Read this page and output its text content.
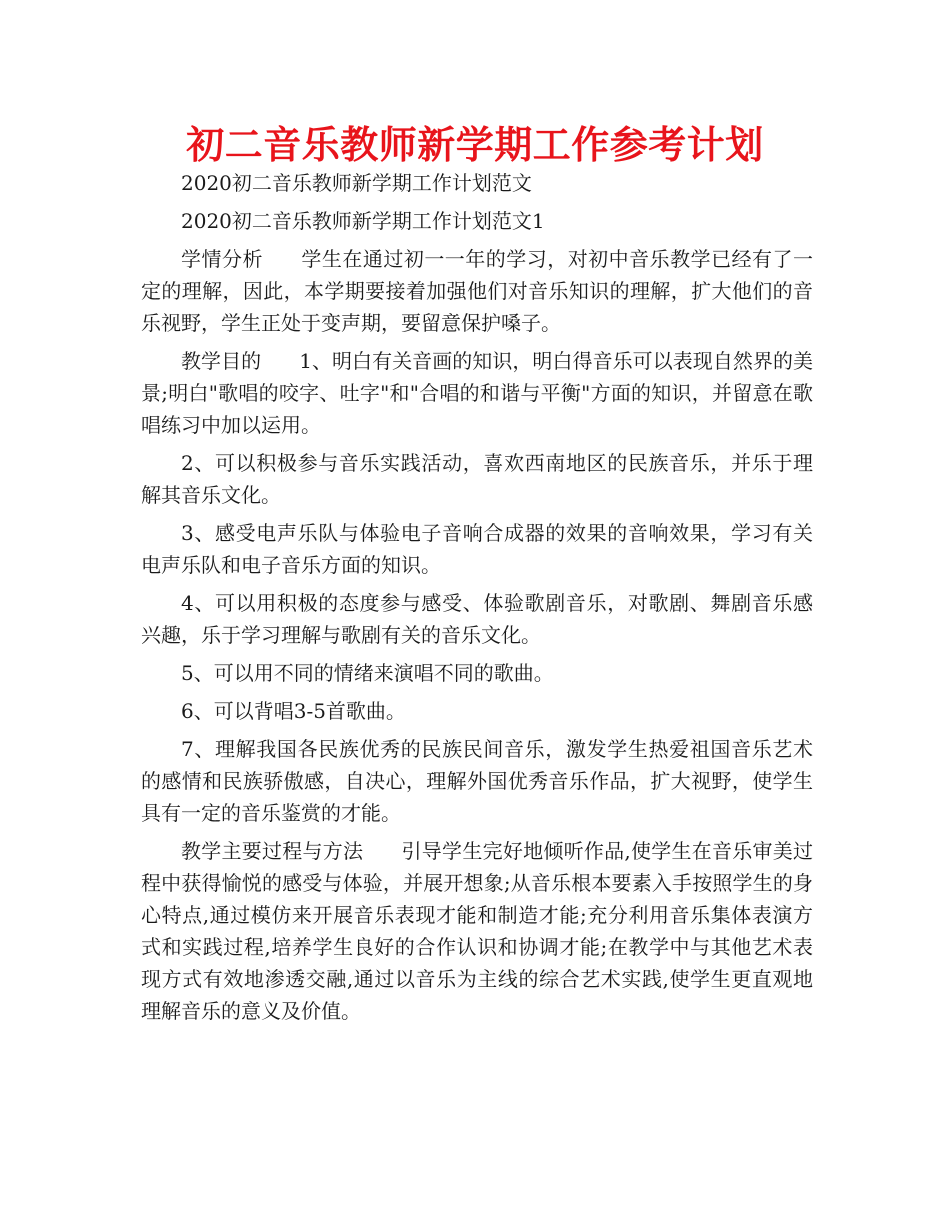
初二音乐教师新学期工作参考计划

2020初二音乐教师新学期工作计划范文

2020初二音乐教师新学期工作计划范文1

学情分析 学生在通过初一一年的学习，对初中音乐教学已经有了一定的理解，因此，本学期要接着加强他们对音乐知识的理解，扩大他们的音乐视野，学生正处于变声期，要留意保护嗓子。

教学目的 1、明白有关音画的知识，明白得音乐可以表现自然界的美景;明白"歌唱的咬字、吐字"和"合唱的和谐与平衡"方面的知识，并留意在歌唱练习中加以运用。

2、可以积极参与音乐实践活动，喜欢西南地区的民族音乐，并乐于理解其音乐文化。

3、感受电声乐队与体验电子音响合成器的效果的音响效果，学习有关电声乐队和电子音乐方面的知识。

4、可以用积极的态度参与感受、体验歌剧音乐，对歌剧、舞剧音乐感兴趣，乐于学习理解与歌剧有关的音乐文化。

5、可以用不同的情绪来演唱不同的歌曲。

6、可以背唱3-5首歌曲。

7、理解我国各民族优秀的民族民间音乐，激发学生热爱祖国音乐艺术的感情和民族骄傲感，自决心，理解外国优秀音乐作品，扩大视野，使学生具有一定的音乐鉴赏的才能。

教学主要过程与方法 引导学生完好地倾听作品,使学生在音乐审美过程中获得愉悦的感受与体验，并展开想象;从音乐根本要素入手按照学生的身心特点,通过模仿来开展音乐表现才能和制造才能;充分利用音乐集体表演方式和实践过程,培养学生良好的合作认识和协调才能;在教学中与其他艺术表现方式有效地渗透交融,通过以音乐为主线的综合艺术实践,使学生更直观地理解音乐的意义及价值。
